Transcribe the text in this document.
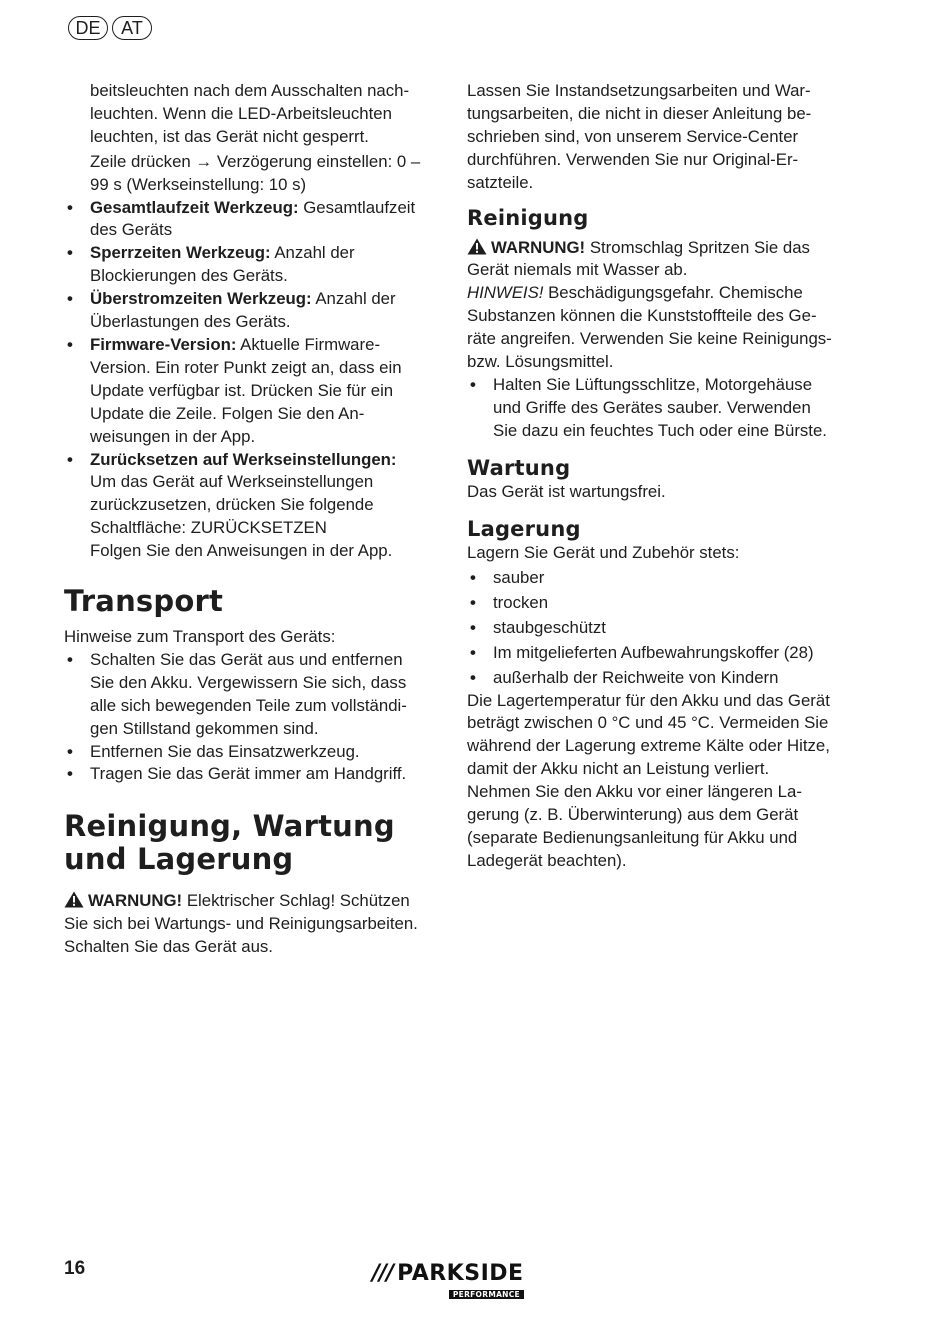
DE	AT

beitsleuchten nach dem Ausschalten nachleuchten. Wenn die LED-Arbeitsleuchten leuchten, ist das Gerät nicht gesperrt.

Zeile drücken → Verzögerung einstellen: 0 – 99 s (Werkseinstellung: 10 s)

• Gesamtlaufzeit Werkzeug: Gesamtlaufzeit des Geräts
• Sperrzeiten Werkzeug: Anzahl der Blockierungen des Geräts.
• Überstromzeiten Werkzeug: Anzahl der Überlastungen des Geräts.
• Firmware-Version: Aktuelle Firmware-Version. Ein roter Punkt zeigt an, dass ein Update verfügbar ist. Drücken Sie für ein Update die Zeile. Folgen Sie den Anweisungen in der App.
• Zurücksetzen auf Werkseinstellungen: Um das Gerät auf Werkseinstellungen zurückzusetzen, drücken Sie folgende Schaltfläche: ZURÜCKSETZEN

Folgen Sie den Anweisungen in der App.

Transport

Hinweise zum Transport des Geräts:

• Schalten Sie das Gerät aus und entfernen Sie den Akku. Vergewissern Sie sich, dass alle sich bewegenden Teile zum vollständigen Stillstand gekommen sind.
• Entfernen Sie das Einsatzwerkzeug.
• Tragen Sie das Gerät immer am Handgriff.
Reinigung, Wartung
und Lagerung

WARNUNG! Elektrischer Schlag! Schützen Sie sich bei Wartungs- und Reinigungsarbeiten. Schalten Sie das Gerät aus.

Lassen Sie Instandsetzungsarbeiten und Wartungsarbeiten, die nicht in dieser Anleitung beschrieben sind, von unserem Service-Center durchführen. Verwenden Sie nur Original-Ersatzteile.

Reinigung

WARNUNG! Stromschlag Spritzen Sie das Gerät niemals mit Wasser ab.

HINWEIS! Beschädigungsgefahr. Chemische Substanzen können die Kunststoffteile des Geräte angreifen. Verwenden Sie keine Reinigungs- bzw. Lösungsmittel.

• Halten Sie Lüftungsschlitze, Motorgehäuse und Griffe des Gerätes sauber. Verwenden Sie dazu ein feuchtes Tuch oder eine Bürste.
Wartung

Das Gerät ist wartungsfrei.

Lagerung

Lagern Sie Gerät und Zubehör stets:

• sauber
• trocken
• staubgeschützt
• Im mitgelieferten Aufbewahrungskoffer (28)
• außerhalb der Reichweite von Kindern

Die Lagertemperatur für den Akku und das Gerät beträgt zwischen 0 °C und 45 °C. Vermeiden Sie während der Lagerung extreme Kälte oder Hitze, damit der Akku nicht an Leistung verliert.

Nehmen Sie den Akku vor einer längeren Lagerung (z. B. Überwinterung) aus dem Gerät (separate Bedienungsanleitung für Akku und Ladegerät beachten).

16	/// PARKSIDE
PERFORMANCE
